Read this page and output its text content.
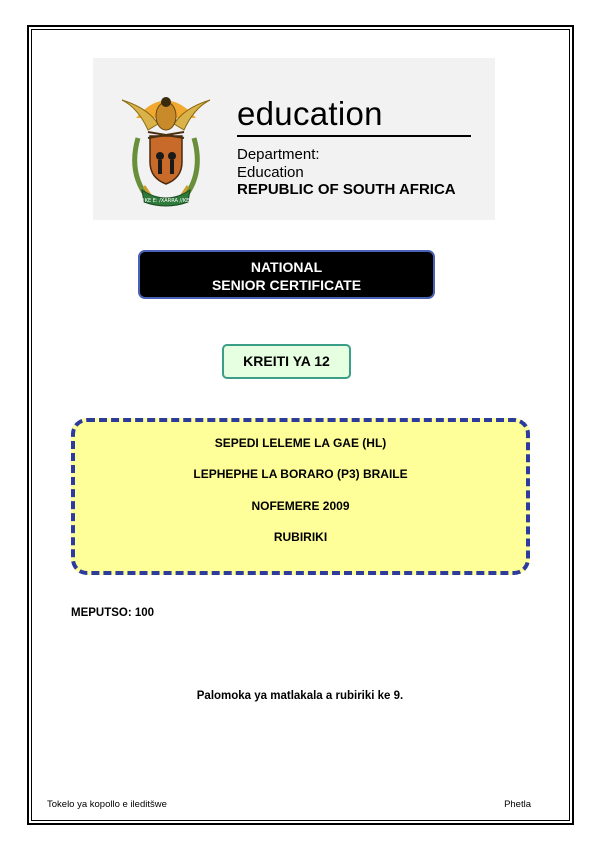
!KE E: /XARRA //KE
education
Department:
Education
REPUBLIC OF SOUTH AFRICA
NATIONAL
SENIOR CERTIFICATE
KREITI YA 12
SEPEDI LELEME LA GAE (HL)
LEPHEPHE LA BORARO (P3) BRAILE
NOFEMERE 2009
RUBIRIKI
MEPUTSO: 100
Palomoka ya matlakala a rubiriki ke 9.
Tokelo ya kopollo e ileditšwe	Phetla
